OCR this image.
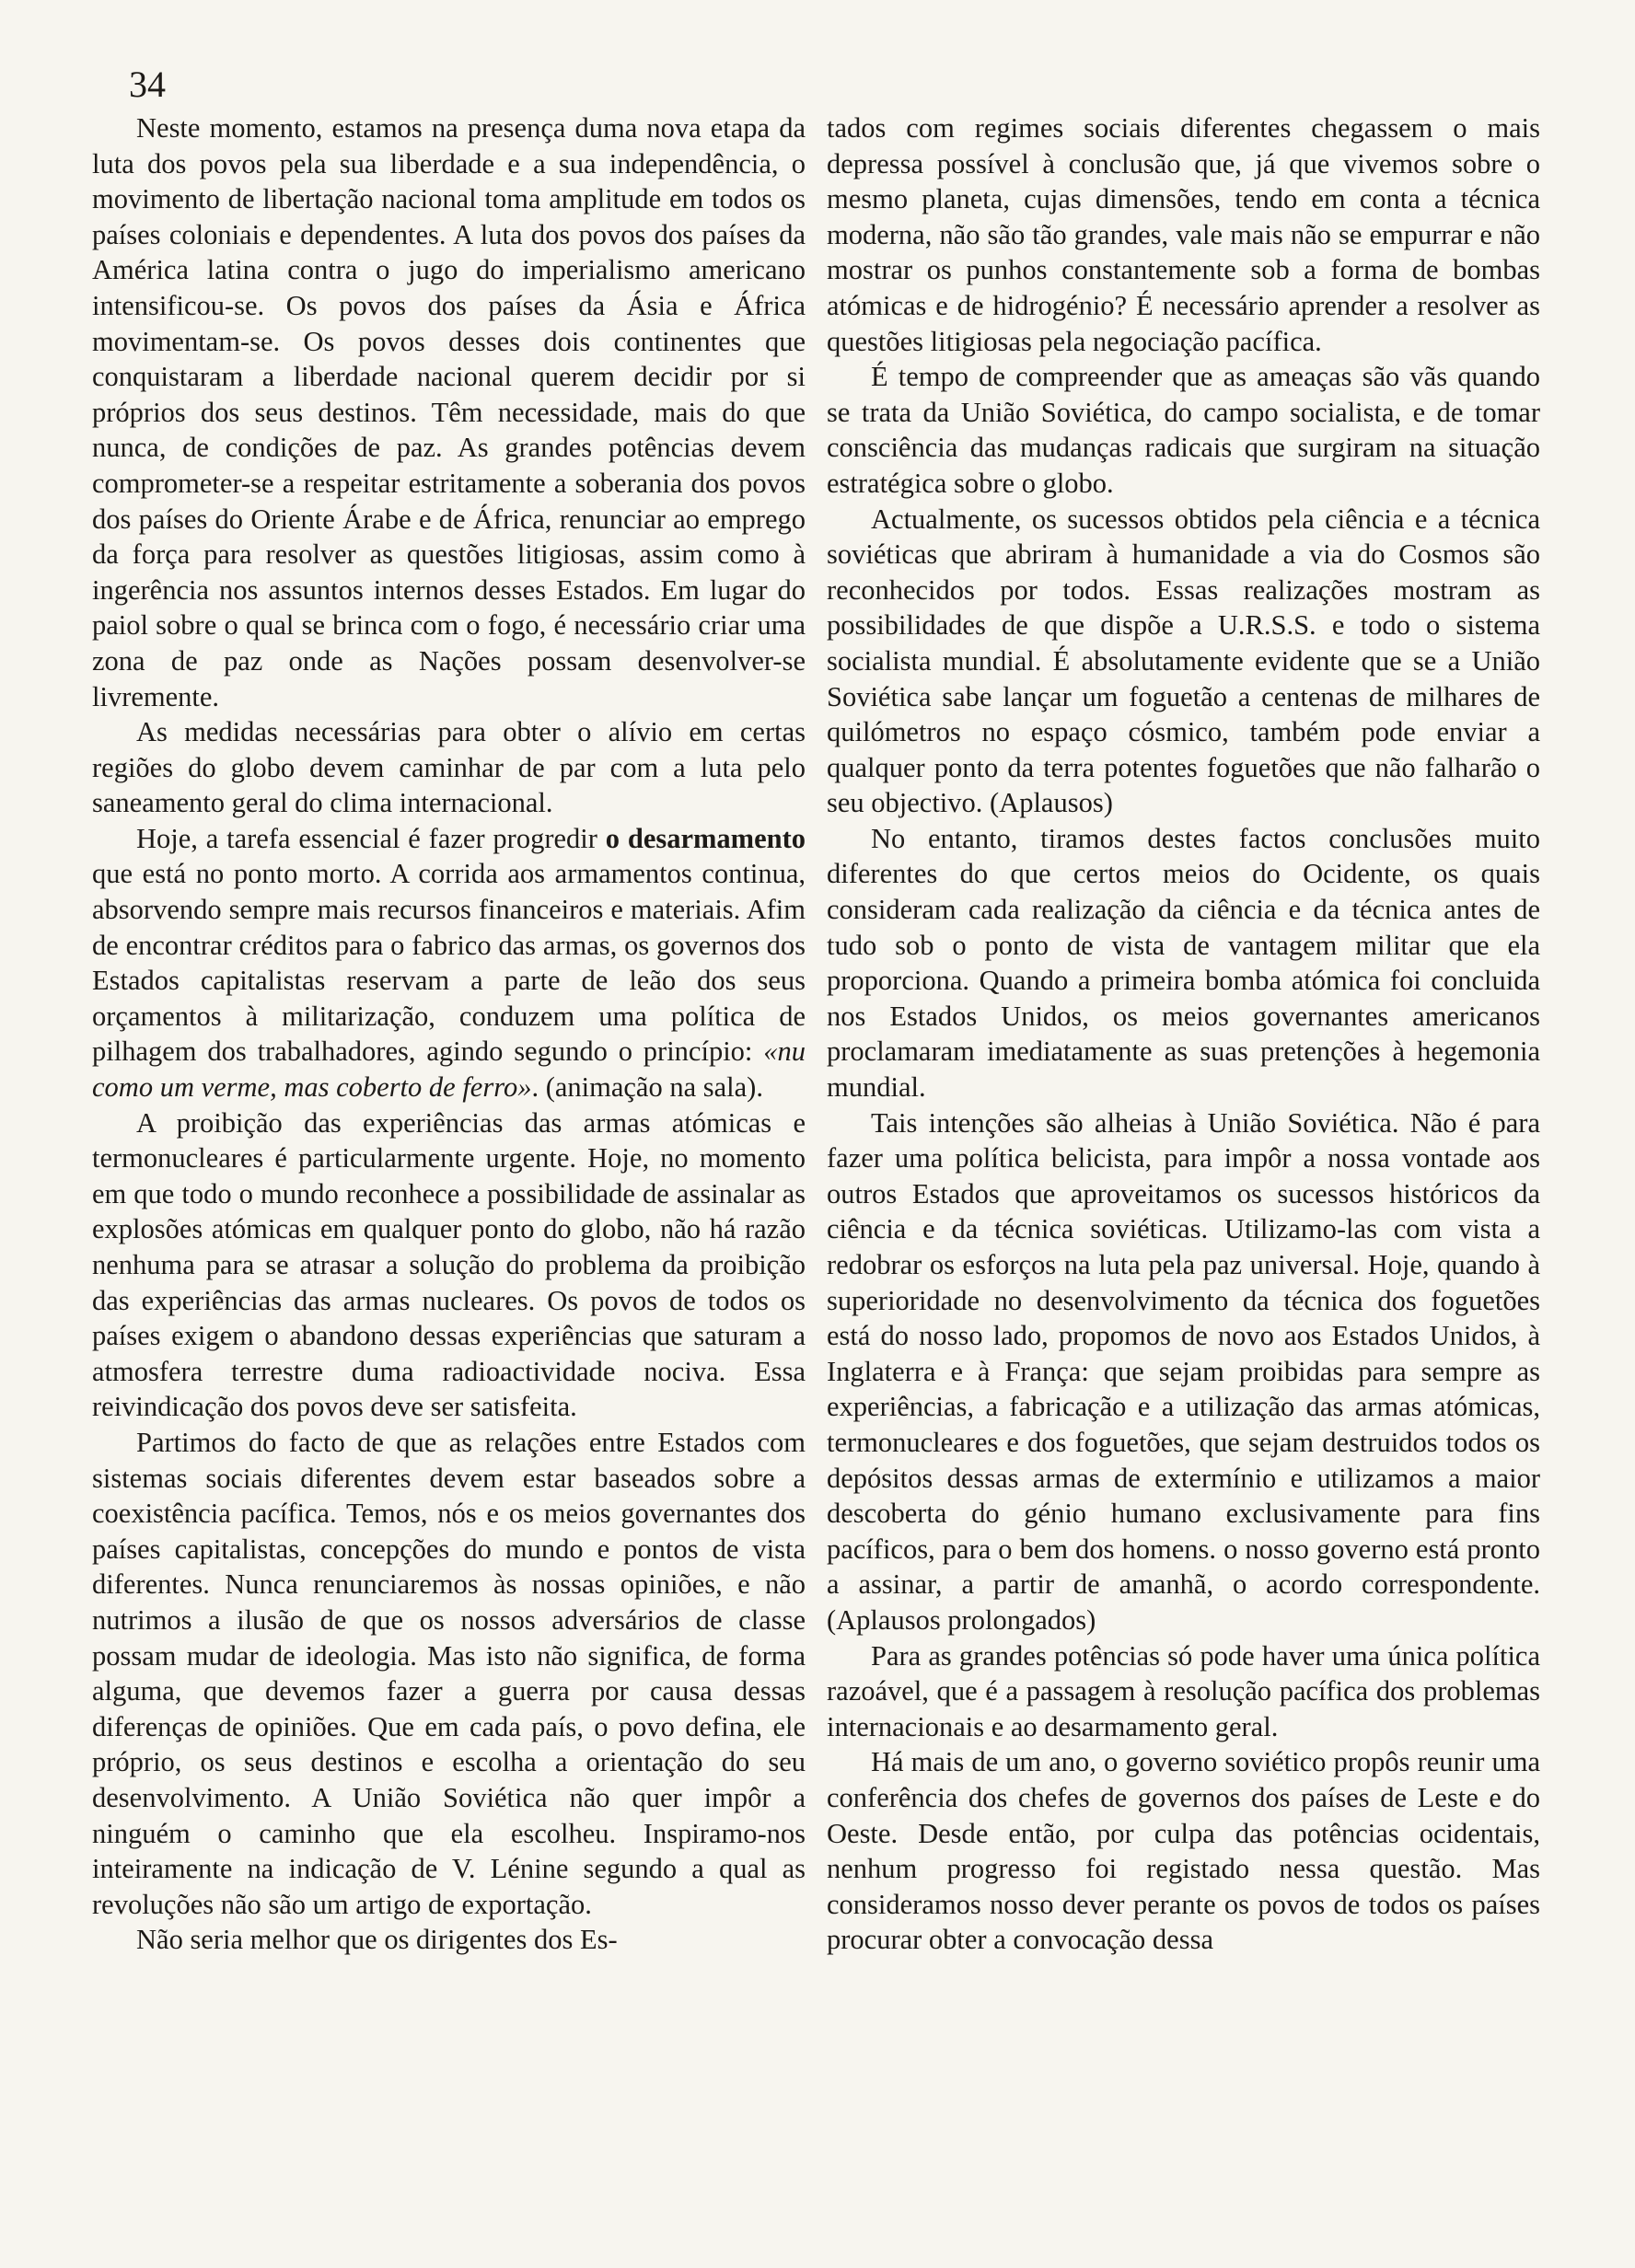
34

Neste momento, estamos na presença duma nova etapa da luta dos povos pela sua liberdade e a sua independência, o movimento de libertação nacional toma amplitude em todos os países coloniais e dependentes. A luta dos povos dos países da América latina contra o jugo do imperialismo americano intensificou-se. Os povos dos países da Ásia e África movimentam-se. Os povos desses dois continentes que conquistaram a liberdade nacional querem decidir por si próprios dos seus destinos. Têm necessidade, mais do que nunca, de condições de paz. As grandes potências devem comprometer-se a respeitar estritamente a soberania dos povos dos países do Oriente Árabe e de África, renunciar ao emprego da força para resolver as questões litigiosas, assim como à ingerência nos assuntos internos desses Estados. Em lugar do paiol sobre o qual se brinca com o fogo, é necessário criar uma zona de paz onde as Nações possam desenvolver-se livremente.

As medidas necessárias para obter o alívio em certas regiões do globo devem caminhar de par com a luta pelo saneamento geral do clima internacional.

Hoje, a tarefa essencial é fazer progredir o desarmamento que está no ponto morto. A corrida aos armamentos continua, absorvendo sempre mais recursos financeiros e materiais. Afim de encontrar créditos para o fabrico das armas, os governos dos Estados capitalistas reservam a parte de leão dos seus orçamentos à militarização, conduzem uma política de pilhagem dos trabalhadores, agindo segundo o princípio: «nu como um verme, mas coberto de ferro». (animação na sala).

A proibição das experiências das armas atómicas e termonucleares é particularmente urgente. Hoje, no momento em que todo o mundo reconhece a possibilidade de assinalar as explosões atómicas em qualquer ponto do globo, não há razão nenhuma para se atrasar a solução do problema da proibição das experiências das armas nucleares. Os povos de todos os países exigem o abandono dessas experiências que saturam a atmosfera terrestre duma radioactividade nociva. Essa reivindicação dos povos deve ser satisfeita.

Partimos do facto de que as relações entre Estados com sistemas sociais diferentes devem estar baseados sobre a coexistência pacífica. Temos, nós e os meios governantes dos países capitalistas, concepções do mundo e pontos de vista diferentes. Nunca renunciaremos às nossas opiniões, e não nutrimos a ilusão de que os nossos adversários de classe possam mudar de ideologia. Mas isto não significa, de forma alguma, que devemos fazer a guerra por causa dessas diferenças de opiniões. Que em cada país, o povo defina, ele próprio, os seus destinos e escolha a orientação do seu desenvolvimento. A União Soviética não quer impôr a ninguém o caminho que ela escolheu. Inspiramo-nos inteiramente na indicação de V. Lénine segundo a qual as revoluções não são um artigo de exportação.

Não seria melhor que os dirigentes dos Es-

tados com regimes sociais diferentes chegassem o mais depressa possível à conclusão que, já que vivemos sobre o mesmo planeta, cujas dimensões, tendo em conta a técnica moderna, não são tão grandes, vale mais não se empurrar e não mostrar os punhos constantemente sob a forma de bombas atómicas e de hidrogénio? É necessário aprender a resolver as questões litigiosas pela negociação pacífica.

É tempo de compreender que as ameaças são vãs quando se trata da União Soviética, do campo socialista, e de tomar consciência das mudanças radicais que surgiram na situação estratégica sobre o globo.

Actualmente, os sucessos obtidos pela ciência e a técnica soviéticas que abriram à humanidade a via do Cosmos são reconhecidos por todos. Essas realizações mostram as possibilidades de que dispõe a U.R.S.S. e todo o sistema socialista mundial. É absolutamente evidente que se a União Soviética sabe lançar um foguetão a centenas de milhares de quilómetros no espaço cósmico, também pode enviar a qualquer ponto da terra potentes foguetões que não falharão o seu objectivo. (Aplausos)

No entanto, tiramos destes factos conclusões muito diferentes do que certos meios do Ocidente, os quais consideram cada realização da ciência e da técnica antes de tudo sob o ponto de vista de vantagem militar que ela proporciona. Quando a primeira bomba atómica foi concluida nos Estados Unidos, os meios governantes americanos proclamaram imediatamente as suas pretenções à hegemonia mundial.

Tais intenções são alheias à União Soviética. Não é para fazer uma política belicista, para impôr a nossa vontade aos outros Estados que aproveitamos os sucessos históricos da ciência e da técnica soviéticas. Utilizamo-las com vista a redobrar os esforços na luta pela paz universal. Hoje, quando à superioridade no desenvolvimento da técnica dos foguetões está do nosso lado, propomos de novo aos Estados Unidos, à Inglaterra e à França: que sejam proibidas para sempre as experiências, a fabricação e a utilização das armas atómicas, termonucleares e dos foguetões, que sejam destruidos todos os depósitos dessas armas de extermínio e utilizamos a maior descoberta do génio humano exclusivamente para fins pacíficos, para o bem dos homens. o nosso governo está pronto a assinar, a partir de amanhã, o acordo correspondente. (Aplausos prolongados)

Para as grandes potências só pode haver uma única política razoável, que é a passagem à resolução pacífica dos problemas internacionais e ao desarmamento geral.

Há mais de um ano, o governo soviético propôs reunir uma conferência dos chefes de governos dos países de Leste e do Oeste. Desde então, por culpa das potências ocidentais, nenhum progresso foi registado nessa questão. Mas consideramos nosso dever perante os povos de todos os países procurar obter a convocação dessa
